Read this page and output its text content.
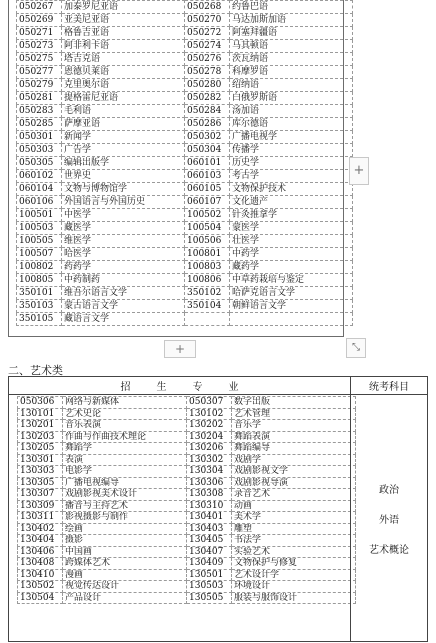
050267	加泰罗尼亚语	050268	约鲁巴语
050269	亚美尼亚语	050270	马达加斯加语
050271	格鲁吉亚语	050272	阿塞拜疆语
050273	阿非利卡语	050274	马其顿语
050275	塔吉克语	050276	茨瓦纳语
050277	恩德贝莱语	050278	科摩罗语
050279	克里奥尔语	050280	绍纳语
050281	提格雷尼亚语	050282	白俄罗斯语
050283	毛利语	050284	汤加语
050285	萨摩亚语	050286	库尔德语
050301	新闻学	050302	广播电视学
050303	广告学	050304	传播学
050305	编辑出版学	060101	历史学
060102	世界史	060103	考古学
060104	文物与博物馆学	060105	文物保护技术
060106	外国语言与外国历史	060107	文化遗产
100501	中医学	100502	针灸推拿学
100503	藏医学	100504	蒙医学
100505	维医学	100506	壮医学
100507	哈医学	100801	中药学
100802	药药学	100803	藏药学
100805	中药制药	100806	中草药栽培与鉴定
350101	维吾尔语言文学	350102	哈萨克语言文学
350103	蒙古语言文学	350104	朝鲜语言文学
350105	藏语言文学		
+
+	⤡
二、艺术类
招生专业	统考科目

050306	网络与新媒体	050307	数字出版
130101	艺术史论	130102	艺术管理
130201	音乐表演	130202	音乐学
130203	作曲与作曲技术理论	130204	舞蹈表演
130205	舞蹈学	130206	舞蹈编导
130301	表演	130302	戏剧学
130303	电影学	130304	戏剧影视文学
130305	广播电视编导	130306	戏剧影视导演
130307	戏剧影视美术设计	130308	录音艺术
130309	播音与主持艺术	130310	动画
130311	影视摄影与制作	130401	美术学
130402	绘画	130403	雕塑
130404	摄影	130405	书法学
130406	中国画	130407	实验艺术
130408	跨媒体艺术	130409	文物保护与修复
130410	漫画	130501	艺术设计学
130502	视觉传达设计	130503	环境设计
130504	产品设计	130505	服装与服饰设计

政治
外语
艺术概论
